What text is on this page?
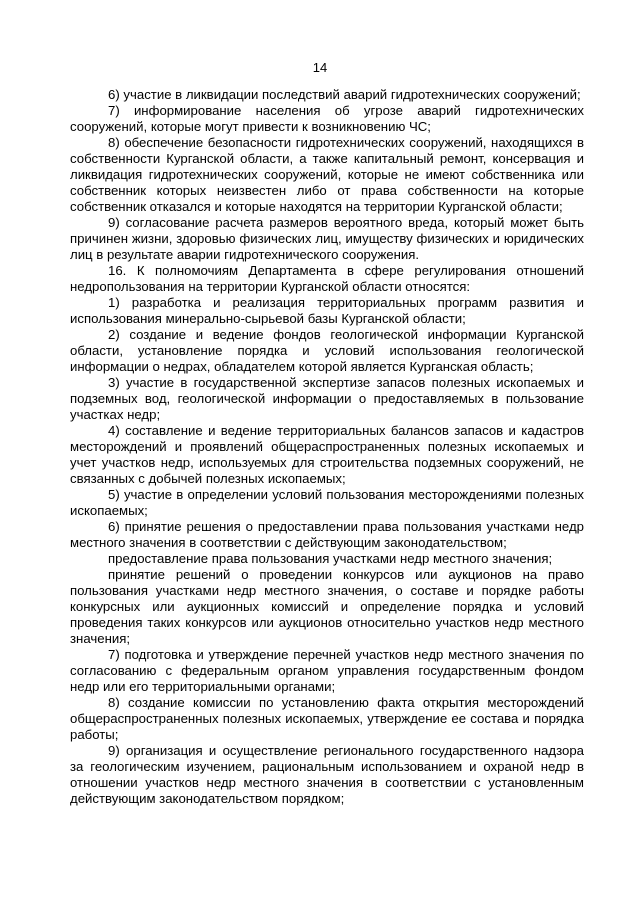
14

6) участие в ликвидации последствий аварий гидротехнических сооружений;

7) информирование населения об угрозе аварий гидротехнических сооружений, которые могут привести к возникновению ЧС;

8) обеспечение безопасности гидротехнических сооружений, находящихся в собственности Курганской области, а также капитальный ремонт, консервация и ликвидация гидротехнических сооружений, которые не имеют собственника или собственник которых неизвестен либо от права собственности на которые собственник отказался и которые находятся на территории Курганской области;

9) согласование расчета размеров вероятного вреда, который может быть причинен жизни, здоровью физических лиц, имуществу физических и юридических лиц в результате аварии гидротехнического сооружения.

16. К полномочиям Департамента в сфере регулирования отношений недропользования на территории Курганской области относятся:

1) разработка и реализация территориальных программ развития и использования минерально-сырьевой базы Курганской области;

2) создание и ведение фондов геологической информации Курганской области, установление порядка и условий использования геологической информации о недрах, обладателем которой является Курганская область;

3) участие в государственной экспертизе запасов полезных ископаемых и подземных вод, геологической информации о предоставляемых в пользование участках недр;

4) составление и ведение территориальных балансов запасов и кадастров месторождений и проявлений общераспространенных полезных ископаемых и учет участков недр, используемых для строительства подземных сооружений, не связанных с добычей полезных ископаемых;

5) участие в определении условий пользования месторождениями полезных ископаемых;

6) принятие решения о предоставлении права пользования участками недр местного значения в соответствии с действующим законодательством;

предоставление права пользования участками недр местного значения;

принятие решений о проведении конкурсов или аукционов на право пользования участками недр местного значения, о составе и порядке работы конкурсных или аукционных комиссий и определение порядка и условий проведения таких конкурсов или аукционов относительно участков недр местного значения;

7) подготовка и утверждение перечней участков недр местного значения по согласованию с федеральным органом управления государственным фондом недр или его территориальными органами;

8) создание комиссии по установлению факта открытия месторождений общераспространенных полезных ископаемых, утверждение ее состава и порядка работы;

9) организация и осуществление регионального государственного надзора за геологическим изучением, рациональным использованием и охраной недр в отношении участков недр местного значения в соответствии с установленным действующим законодательством порядком;
